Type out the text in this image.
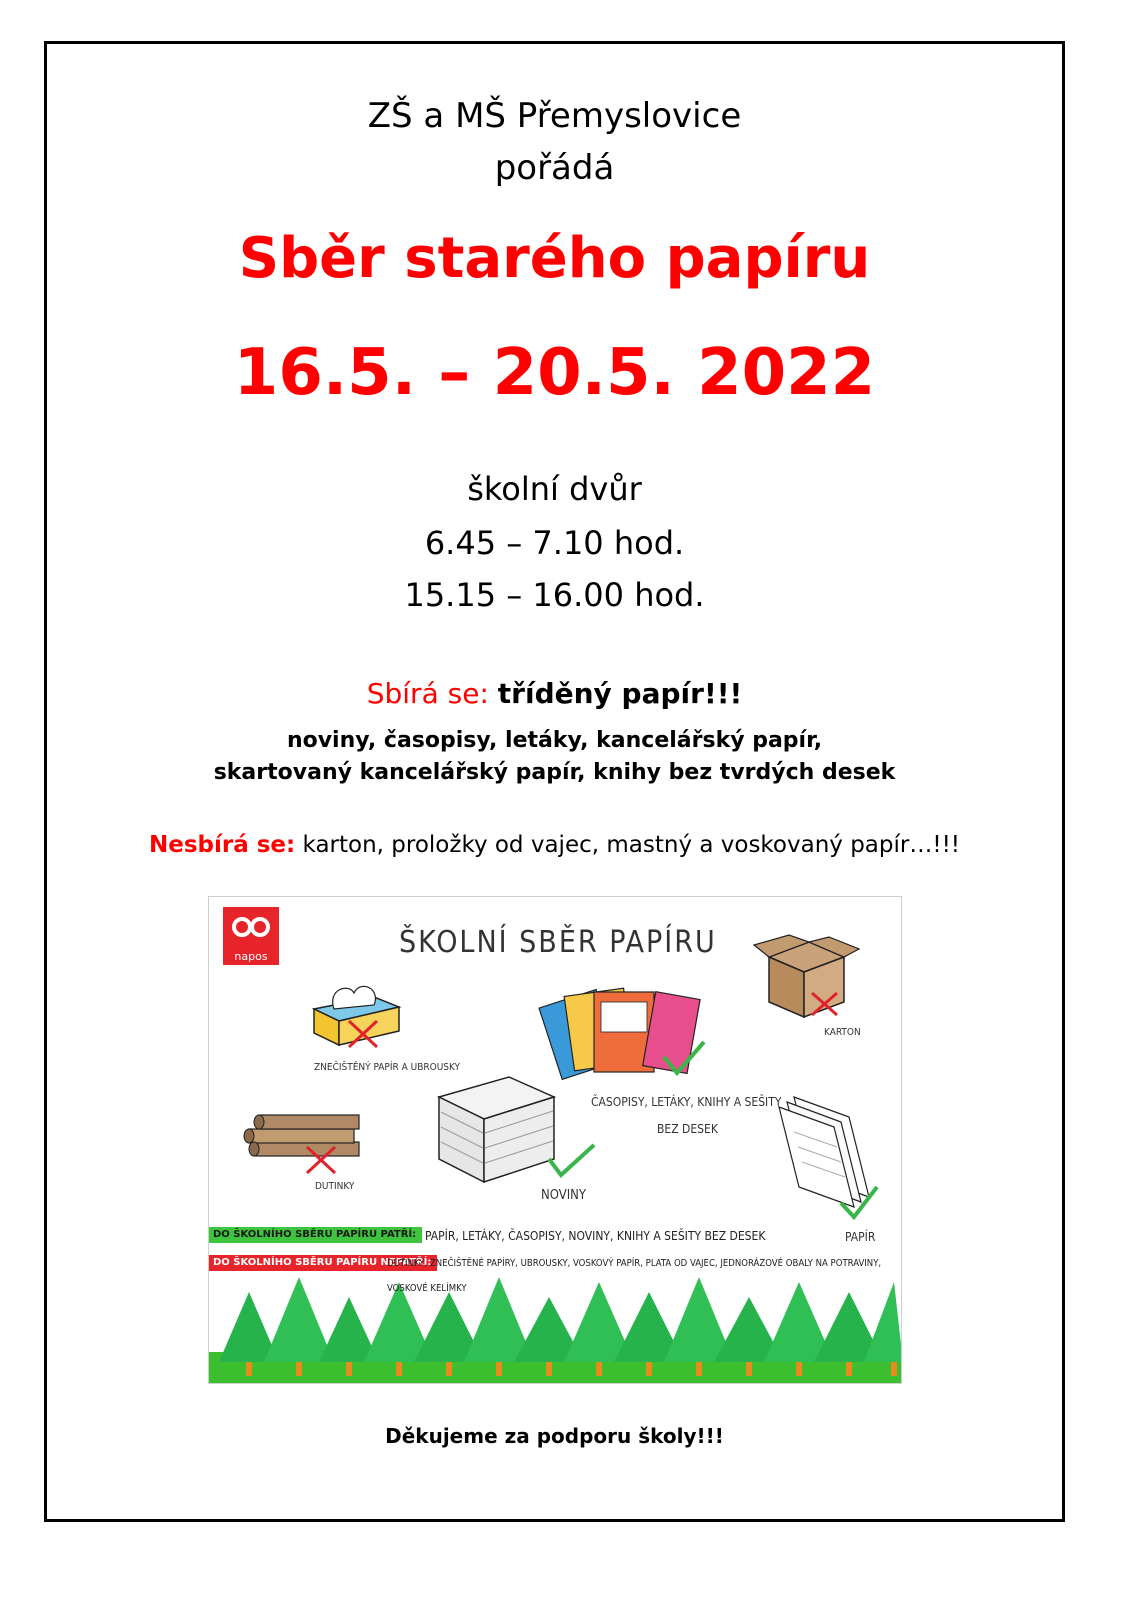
ZŠ a MŠ Přemyslovice
pořádá
Sběr starého papíru
16.5. – 20.5. 2022
školní dvůr
6.45 – 7.10 hod.
15.15 – 16.00 hod.
Sbírá se: tříděný papír!!!
noviny, časopisy, letáky, kancelářský papír,
skartovaný kancelářský papír, knihy bez tvrdých desek
Nesbírá se: karton, proložky od vajec, mastný a voskovaný papír…!!!
napos	ŠKOLNÍ SBĚR PAPÍRU
ZNEČIŠTĚNÝ PAPÍR A UBROUSKY
KARTON
ČASOPISY, LETÁKY, KNIHY A SEŠITY
BEZ DESEK
DUTINKY
NOVINY
PAPÍR
DO ŠKOLNÍHO SBĚRU PAPÍRU PATŘÍ: PAPÍR, LETÁKY, ČASOPISY, NOVINY, KNIHY A SEŠITY BEZ DESEK
DO ŠKOLNÍHO SBĚRU PAPÍRU NEPATŘÍ:
DUTINKY, ZNEČIŠTĚNÉ PAPÍRY, UBROUSKY, VOSKOVÝ PAPÍR, PLATA OD VAJEC, JEDNORÁZOVÉ OBALY NA POTRAVINY,
VOSKOVÉ KELÍMKY
Děkujeme za podporu školy!!!
